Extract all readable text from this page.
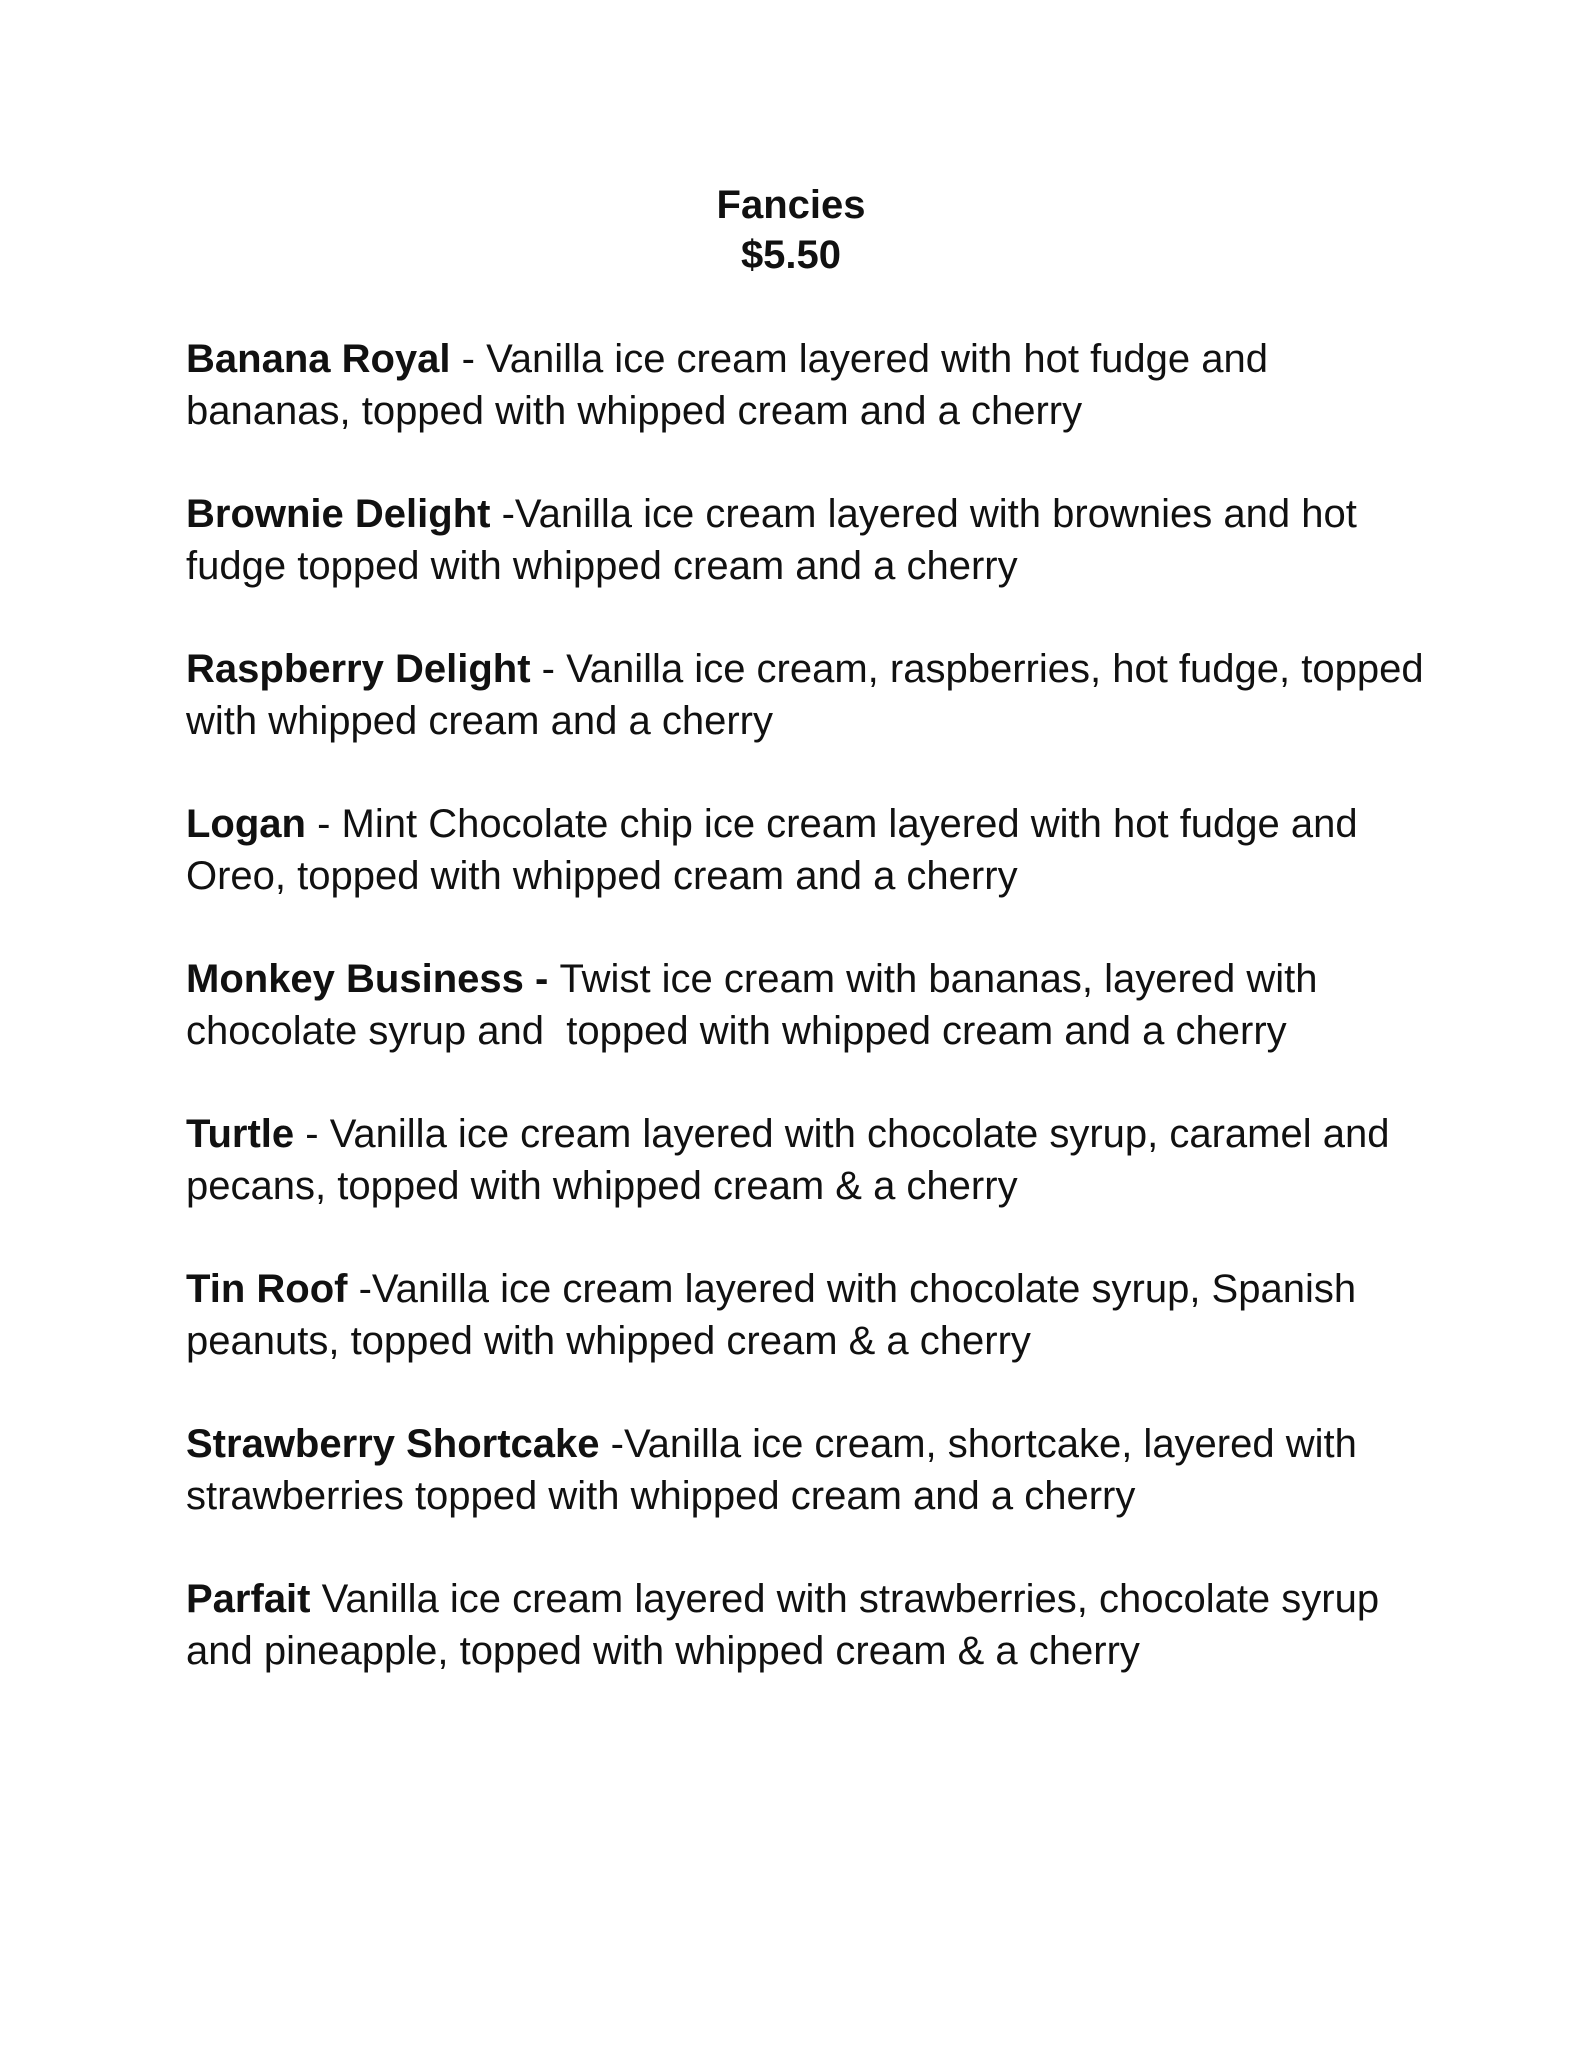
Fancies
$5.50

Banana Royal - Vanilla ice cream layered with hot fudge and bananas, topped with whipped cream and a cherry

Brownie Delight -Vanilla ice cream layered with brownies and hot fudge topped with whipped cream and a cherry

Raspberry Delight - Vanilla ice cream, raspberries, hot fudge, topped with whipped cream and a cherry

Logan - Mint Chocolate chip ice cream layered with hot fudge and Oreo, topped with whipped cream and a cherry

Monkey Business - Twist ice cream with bananas, layered with chocolate syrup and  topped with whipped cream and a cherry

Turtle - Vanilla ice cream layered with chocolate syrup, caramel and pecans, topped with whipped cream & a cherry

Tin Roof -Vanilla ice cream layered with chocolate syrup, Spanish peanuts, topped with whipped cream & a cherry

Strawberry Shortcake -Vanilla ice cream, shortcake, layered with strawberries topped with whipped cream and a cherry

Parfait Vanilla ice cream layered with strawberries, chocolate syrup and pineapple, topped with whipped cream & a cherry
